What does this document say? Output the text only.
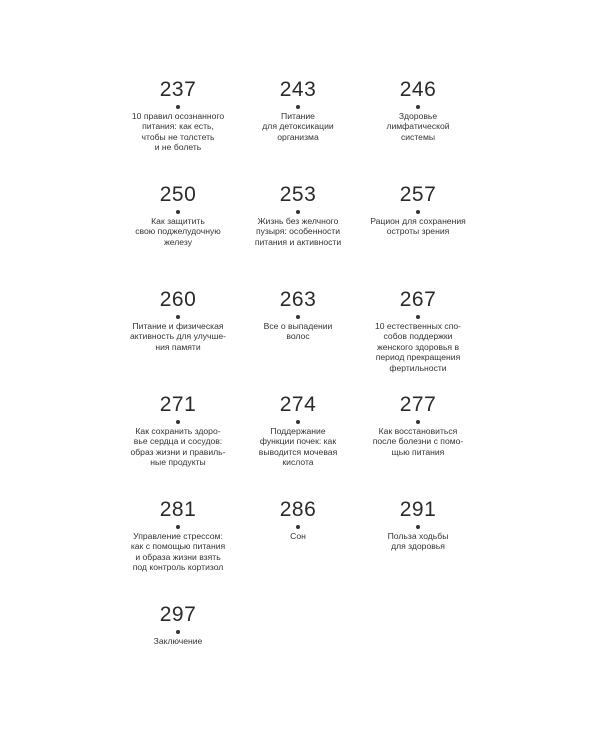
237
10 правил осознанного
питания: как есть,
чтобы не толстеть
и не болеть
243
Питание
для детоксикации
организма
246
Здоровье
лимфатической
системы
250
Как защитить
свою поджелудочную
железу
253
Жизнь без желчного
пузыря: особенности
питания и активности
257
Рацион для сохранения
остроты зрения
260
Питание и физическая
активность для улучше-
ния памяти
263
Все о выпадении
волос
267
10 естественных спо-
собов поддержки
женского здоровья в
период прекращения
фертильности
271
Как сохранить здоро-
вье сердца и сосудов:
образ жизни и правиль-
ные продукты
274
Поддержание
функции почек: как
выводится мочевая
кислота
277
Как восстановиться
после болезни с помо-
щью питания
281
Управление стрессом:
как с помощью питания
и образа жизни взять
под контроль кортизол
286
Сон
291
Польза ходьбы
для здоровья
297
Заключение
